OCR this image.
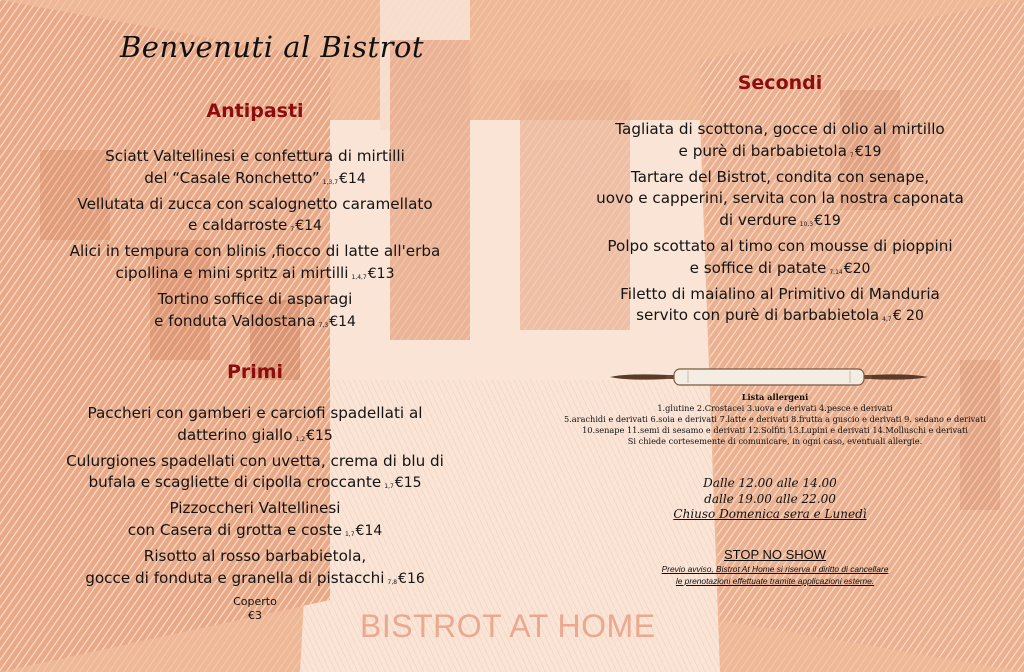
Benvenuti al Bistrot
Antipasti
Sciatt Valtellinesi e confettura di mirtilli
del “Casale Ronchetto” 1,3,7€14
Vellutata di zucca con scalognetto caramellato
e caldarroste 7€14
Alici in tempura con blinis ,fiocco di latte all'erba
cipollina e mini spritz ai mirtilli 1,4,7€13
Tortino soffice di asparagi
e fonduta Valdostana 7,3€14
Primi
Paccheri con gamberi e carciofi spadellati al
datterino giallo 1,2€15
Culurgiones spadellati con uvetta, crema di blu di
bufala e scagliette di cipolla croccante 1,7€15
Pizzoccheri Valtellinesi
con Casera di grotta e coste 1,7€14
Risotto al rosso barbabietola,
gocce di fonduta e granella di pistacchi 7,8€16
Coperto
€3
Secondi
Tagliata di scottona, gocce di olio al mirtillo
e purè di barbabietola 7€19
Tartare del Bistrot, condita con senape,
uovo e capperini, servita con la nostra caponata
di verdure 10,3€19
Polpo scottato al timo con mousse di pioppini
e soffice di patate 7,14€20
Filetto di maialino al Primitivo di Manduria
servito con purè di barbabietola 4,7€ 20
Lista allergeni
1.glutine 2.Crostacei 3.uova e derivati 4.pesce e derivati
5.arachidi e derivati 6.soia e derivati 7.latte e derivati 8.frutta a guscio e derivati 9. sedano e derivati
10.senape 11.semi di sesamo e derivati 12.Solfiti 13.Lupini e derivati 14.Molluschi e derivati
Si chiede cortesemente di comunicare, in ogni caso, eventuali allergie.
Dalle 12.00 alle 14.00
dalle 19.00 alle 22.00
Chiuso Domenica sera e Lunedì
STOP NO SHOW
Previo avviso, Bistrot At Home si riserva il diritto di cancellare
le prenotazioni effettuate tramite applicazioni esterne.
BISTROT AT HOME
